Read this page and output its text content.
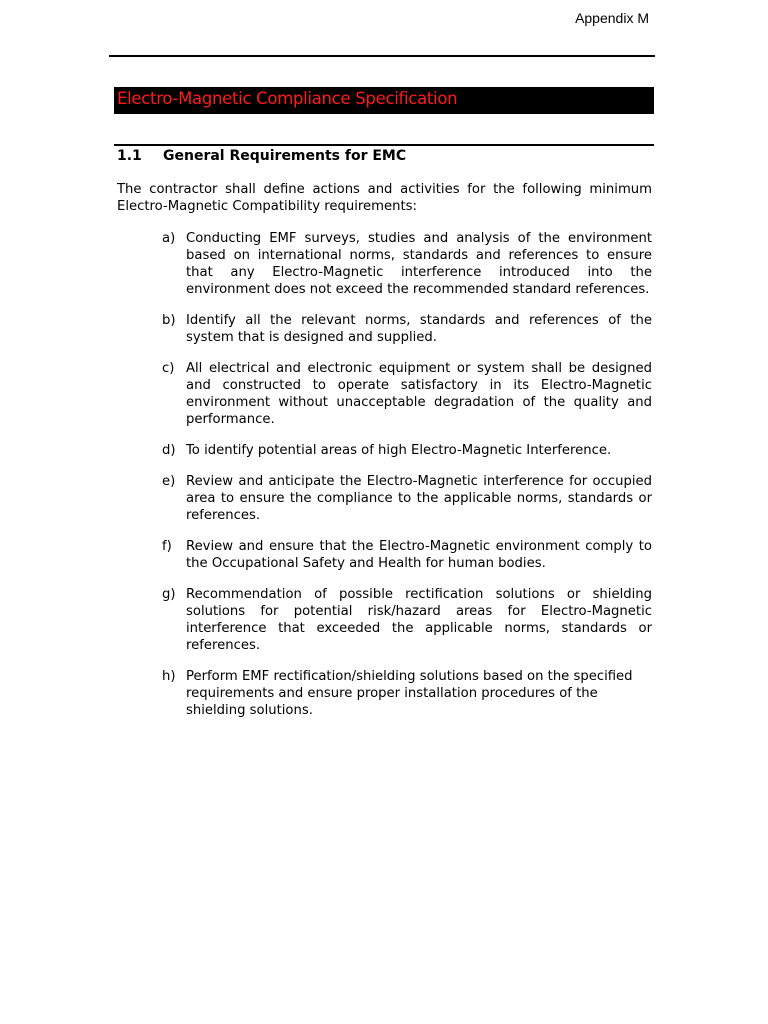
Appendix M
Electro-Magnetic Compliance Specification
1.1 General Requirements for EMC

The contractor shall define actions and activities for the following minimum Electro-Magnetic Compatibility requirements:

a) Conducting EMF surveys, studies and analysis of the environment based on international norms, standards and references to ensure that any Electro-Magnetic interference introduced into the environment does not exceed the recommended standard references.
b) Identify all the relevant norms, standards and references of the system that is designed and supplied.
c) All electrical and electronic equipment or system shall be designed and constructed to operate satisfactory in its Electro-Magnetic environment without unacceptable degradation of the quality and performance.
d) To identify potential areas of high Electro-Magnetic Interference.
e) Review and anticipate the Electro-Magnetic interference for occupied area to ensure the compliance to the applicable norms, standards or references.
f) Review and ensure that the Electro-Magnetic environment comply to the Occupational Safety and Health for human bodies.
g) Recommendation of possible rectification solutions or shielding solutions for potential risk/hazard areas for Electro-Magnetic interference that exceeded the applicable norms, standards or references.
h) Perform EMF rectification/shielding solutions based on the specified requirements and ensure proper installation procedures of the shielding solutions.
